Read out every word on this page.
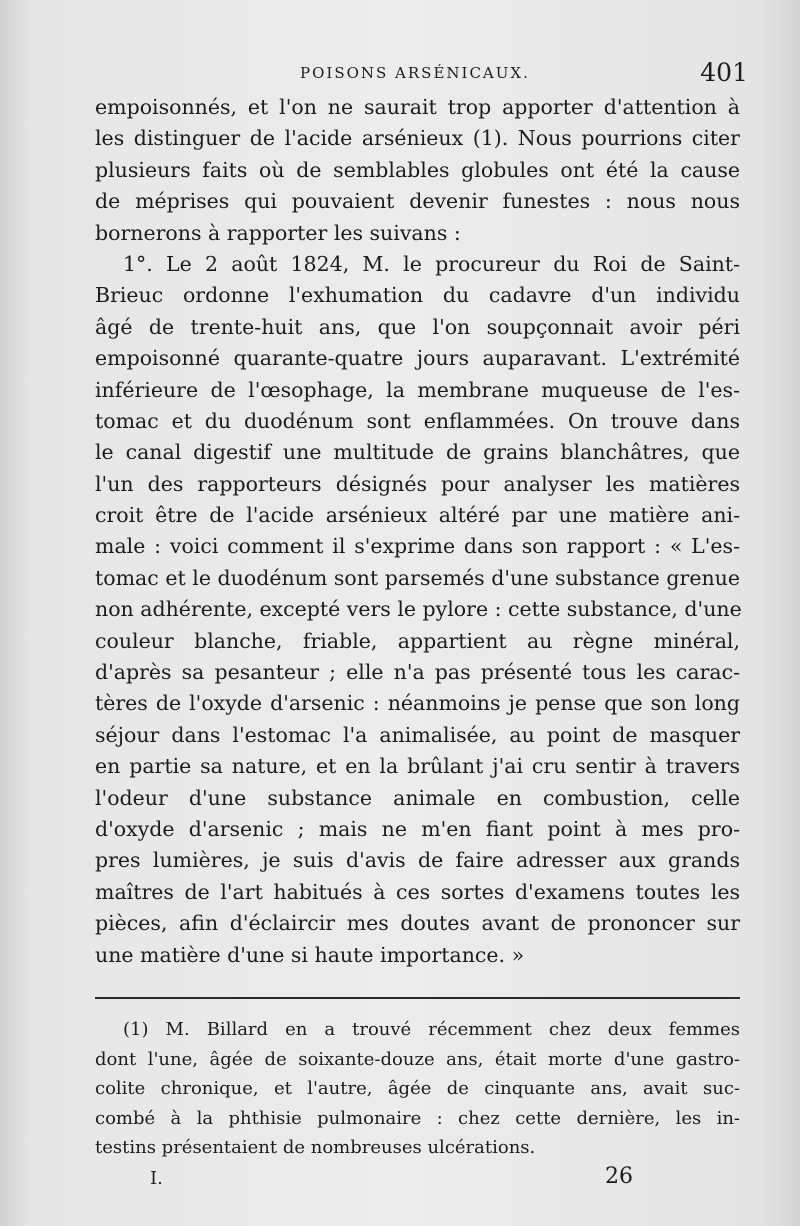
POISONS ARSÉNICAUX.	401
empoisonnés, et l'on ne saurait trop apporter d'attention à
les distinguer de l'acide arsénieux (1). Nous pourrions citer
plusieurs faits où de semblables globules ont été la cause
de méprises qui pouvaient devenir funestes : nous nous
bornerons à rapporter les suivans :
1°. Le 2 août 1824, M. le procureur du Roi de Saint-
Brieuc ordonne l'exhumation du cadavre d'un individu
âgé de trente-huit ans, que l'on soupçonnait avoir péri
empoisonné quarante-quatre jours auparavant. L'extrémité
inférieure de l'œsophage, la membrane muqueuse de l'es-
tomac et du duodénum sont enflammées. On trouve dans
le canal digestif une multitude de grains blanchâtres, que
l'un des rapporteurs désignés pour analyser les matières
croit être de l'acide arsénieux altéré par une matière ani-
male : voici comment il s'exprime dans son rapport : « L'es-
tomac et le duodénum sont parsemés d'une substance grenue
non adhérente, excepté vers le pylore : cette substance, d'une
couleur blanche, friable, appartient au règne minéral,
d'après sa pesanteur ; elle n'a pas présenté tous les carac-
tères de l'oxyde d'arsenic : néanmoins je pense que son long
séjour dans l'estomac l'a animalisée, au point de masquer
en partie sa nature, et en la brûlant j'ai cru sentir à travers
l'odeur d'une substance animale en combustion, celle
d'oxyde d'arsenic ; mais ne m'en fiant point à mes pro-
pres lumières, je suis d'avis de faire adresser aux grands
maîtres de l'art habitués à ces sortes d'examens toutes les
pièces, afin d'éclaircir mes doutes avant de prononcer sur
une matière d'une si haute importance. »
(1) M. Billard en a trouvé récemment chez deux femmes
dont l'une, âgée de soixante-douze ans, était morte d'une gastro-
colite chronique, et l'autre, âgée de cinquante ans, avait suc-
combé à la phthisie pulmonaire : chez cette dernière, les in-
testins présentaient de nombreuses ulcérations.
I.	26
